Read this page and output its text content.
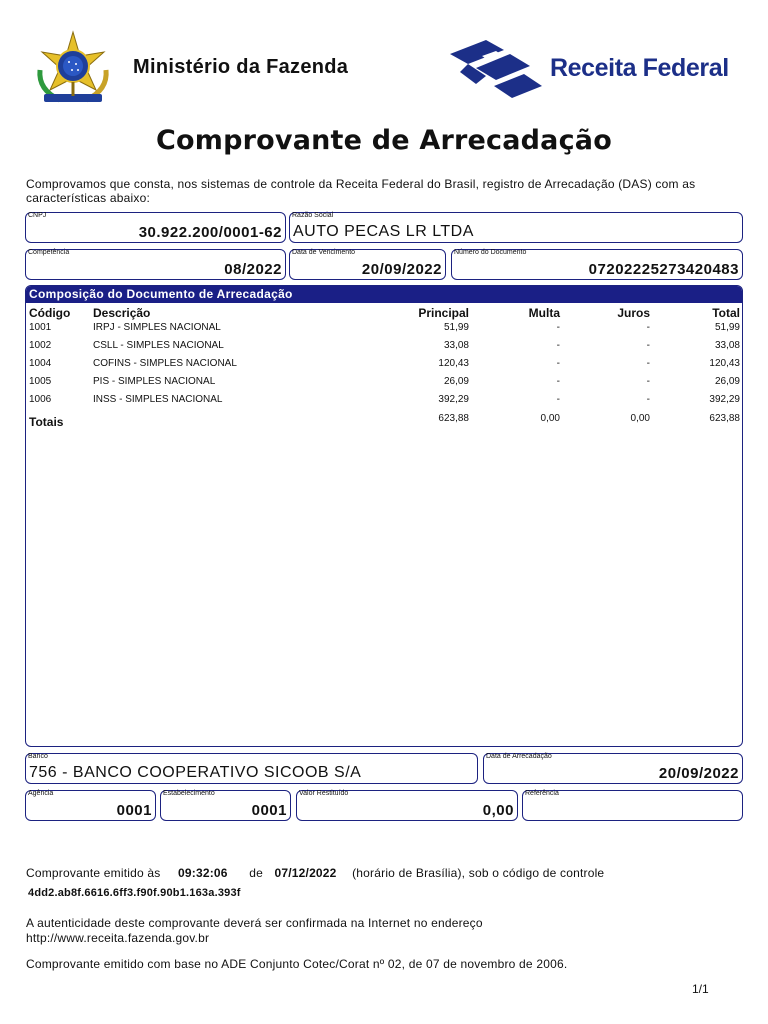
Ministério da Fazenda	Receita Federal
Comprovante de Arrecadação
Comprovamos que consta, nos sistemas de controle da Receita Federal do Brasil, registro de Arrecadação (DAS) com as características abaixo:
CNPJ
30.922.200/0001-62
Razão Social
AUTO PECAS LR LTDA
Competência
08/2022
Data de Vencimento
20/09/2022
Número do Documento
07202225273420483
Composição do Documento de Arrecadação
Código Descrição	Principal	Multa	Juros	Total
1001	IRPJ - SIMPLES NACIONAL	51,99	-	-	51,99
1002	CSLL - SIMPLES NACIONAL	33,08	-	-	33,08
1004	COFINS - SIMPLES NACIONAL	120,43	-	-	120,43
1005	PIS - SIMPLES NACIONAL	26,09	-	-	26,09
1006	INSS - SIMPLES NACIONAL	392,29	-	-	392,29
Totais	623,88	0,00	0,00	623,88
Banco
756 - BANCO COOPERATIVO SICOOB S/A
Data de Arrecadação
20/09/2022
Agência
0001
Estabelecimento
0001
Valor Restituído
0,00
Referência
Comprovante emitido às 09:32:06 de 07/12/2022 (horário de Brasília), sob o código de controle
4dd2.ab8f.6616.6ff3.f90f.90b1.163a.393f
A autenticidade deste comprovante deverá ser confirmada na Internet no endereço
http://www.receita.fazenda.gov.br
Comprovante emitido com base no ADE Conjunto Cotec/Corat nº 02, de 07 de novembro de 2006.
1/1
